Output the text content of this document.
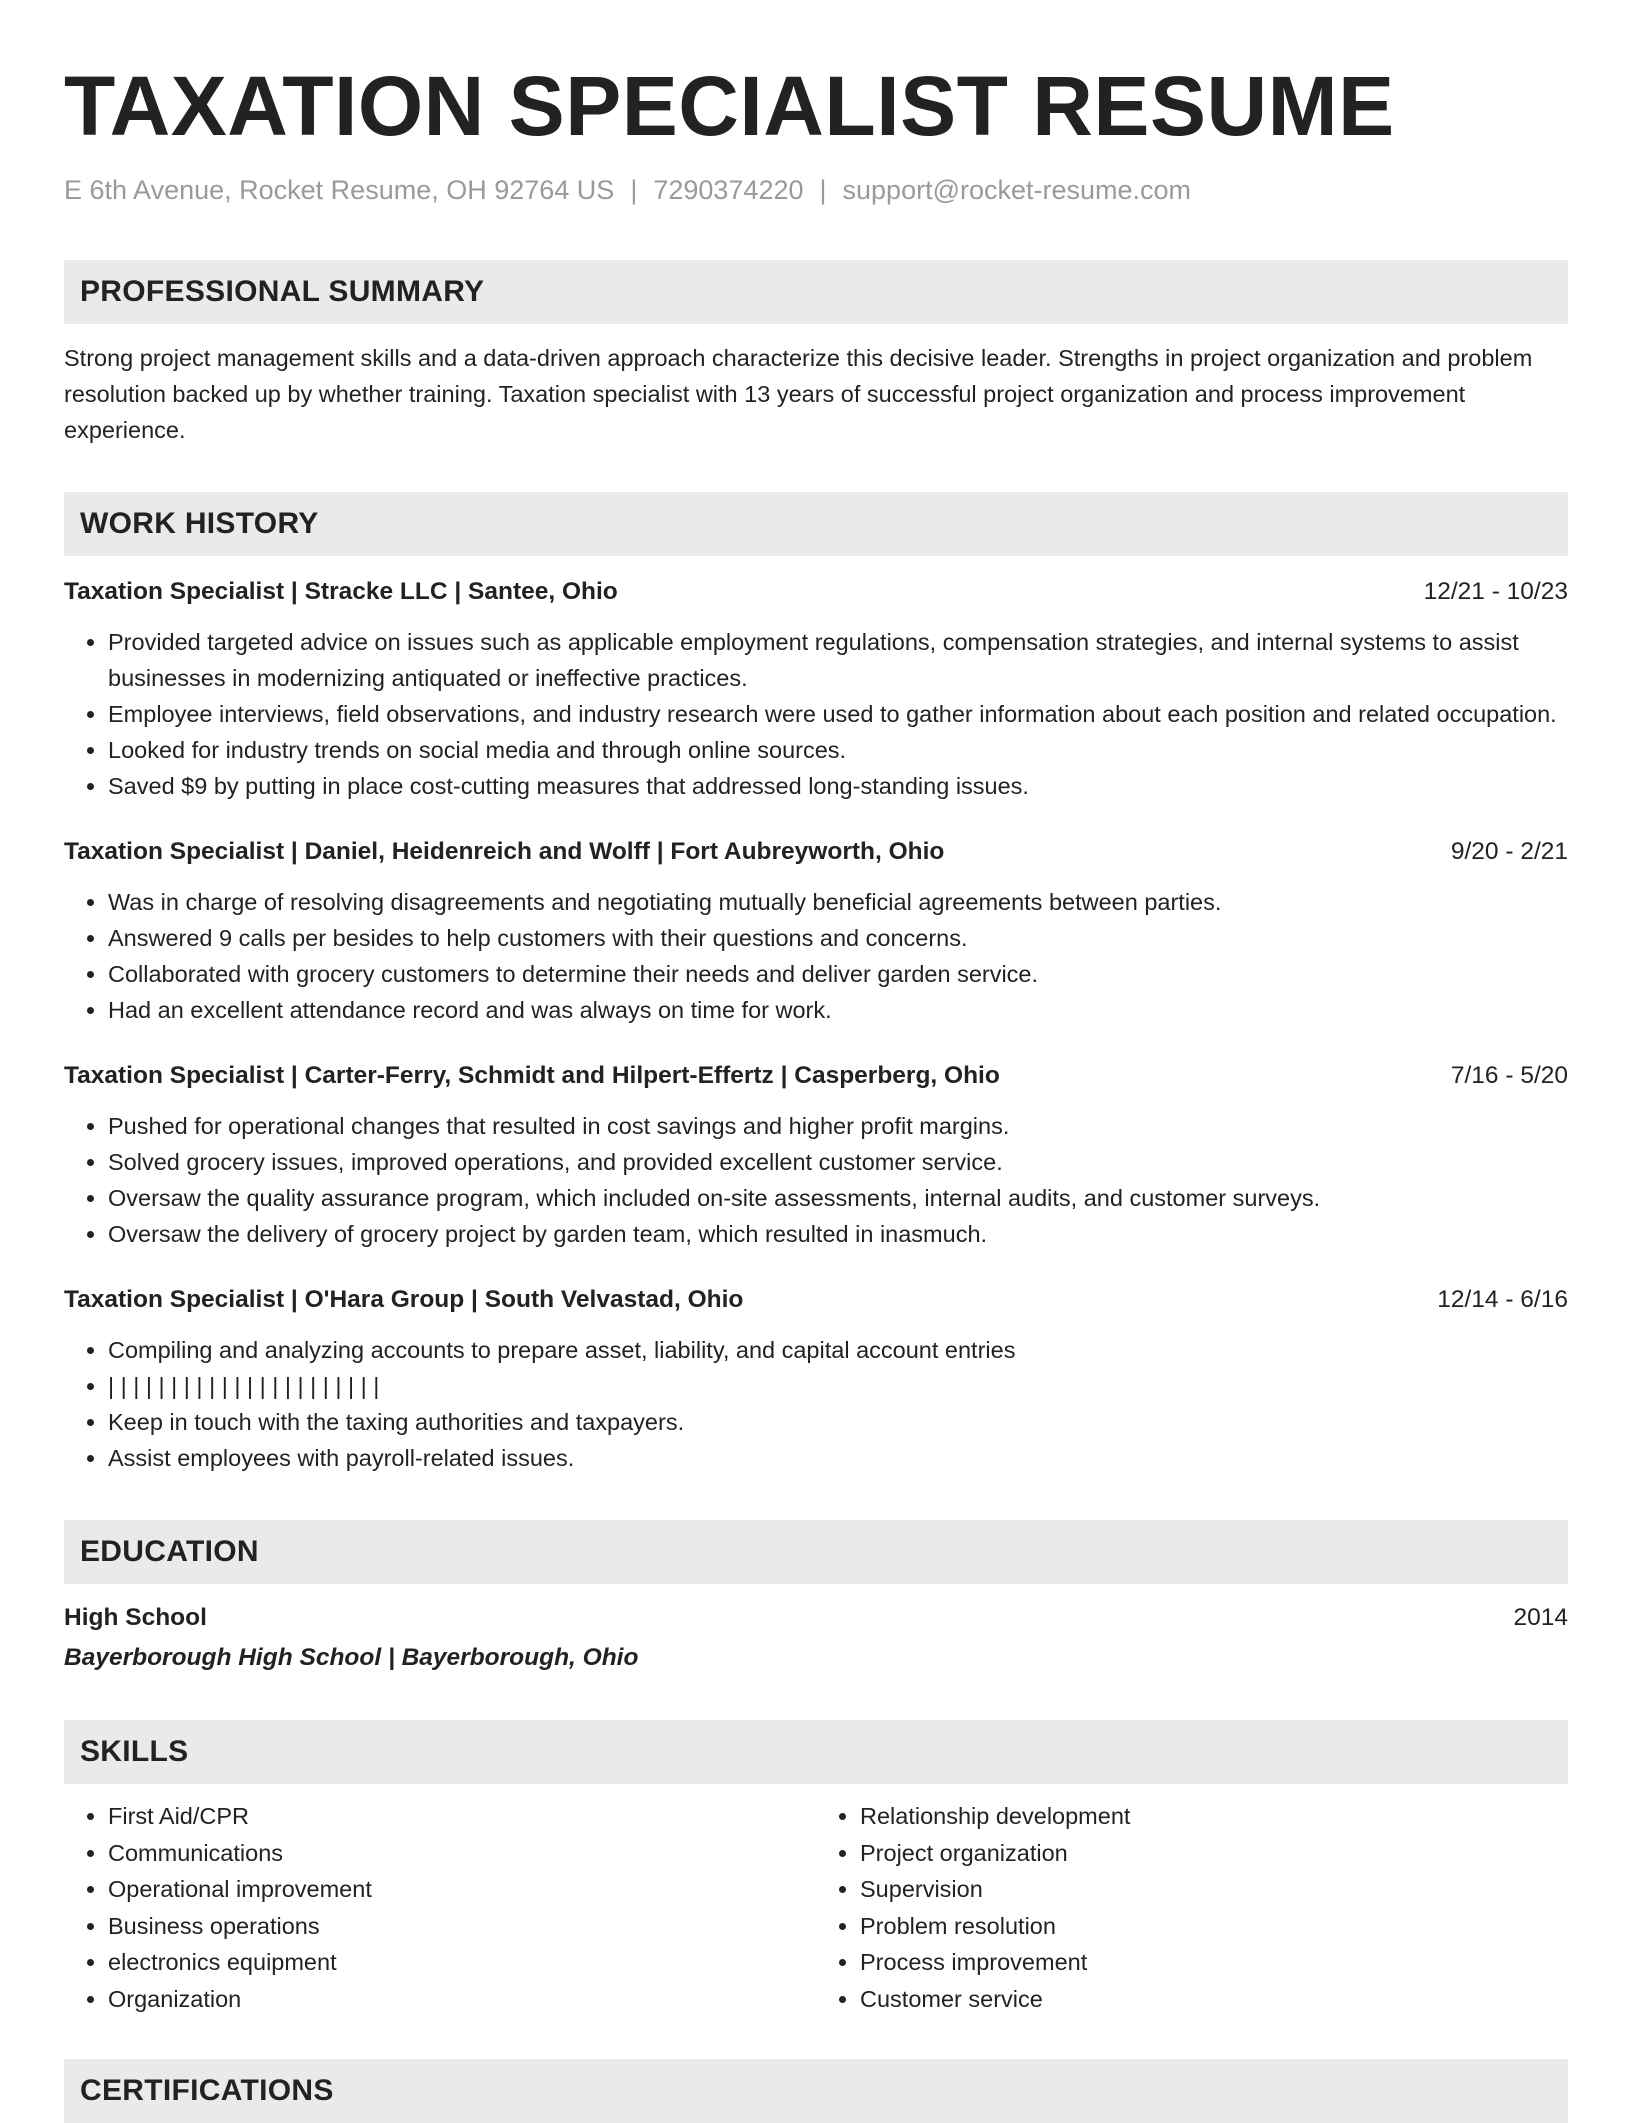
TAXATION SPECIALIST RESUME
E 6th Avenue, Rocket Resume, OH 92764 US | 7290374220 | support@rocket-resume.com
PROFESSIONAL SUMMARY
Strong project management skills and a data-driven approach characterize this decisive leader. Strengths in project organization and problem resolution backed up by whether training. Taxation specialist with 13 years of successful project organization and process improvement experience.
WORK HISTORY
Taxation Specialist | Stracke LLC | Santee, Ohio	12/21 - 10/23
• Provided targeted advice on issues such as applicable employment regulations, compensation strategies, and internal systems to assist businesses in modernizing antiquated or ineffective practices.
• Employee interviews, field observations, and industry research were used to gather information about each position and related occupation.
• Looked for industry trends on social media and through online sources.
• Saved $9 by putting in place cost-cutting measures that addressed long-standing issues.
Taxation Specialist | Daniel, Heidenreich and Wolff | Fort Aubreyworth, Ohio	9/20 - 2/21
• Was in charge of resolving disagreements and negotiating mutually beneficial agreements between parties.
• Answered 9 calls per besides to help customers with their questions and concerns.
• Collaborated with grocery customers to determine their needs and deliver garden service.
• Had an excellent attendance record and was always on time for work.
Taxation Specialist | Carter-Ferry, Schmidt and Hilpert-Effertz | Casperberg, Ohio	7/16 - 5/20
• Pushed for operational changes that resulted in cost savings and higher profit margins.
• Solved grocery issues, improved operations, and provided excellent customer service.
• Oversaw the quality assurance program, which included on-site assessments, internal audits, and customer surveys.
• Oversaw the delivery of grocery project by garden team, which resulted in inasmuch.
Taxation Specialist | O'Hara Group | South Velvastad, Ohio	12/14 - 6/16
• Compiling and analyzing accounts to prepare asset, liability, and capital account entries
• | | | | | | | | | | | | | | | | | | | | | |
• Keep in touch with the taxing authorities and taxpayers.
• Assist employees with payroll-related issues.
EDUCATION
High School	2014
Bayerborough High School | Bayerborough, Ohio
SKILLS
• First Aid/CPR
• Communications
• Operational improvement
• Business operations
• electronics equipment
• Organization
• Relationship development
• Project organization
• Supervision
• Problem resolution
• Process improvement
• Customer service
CERTIFICATIONS
